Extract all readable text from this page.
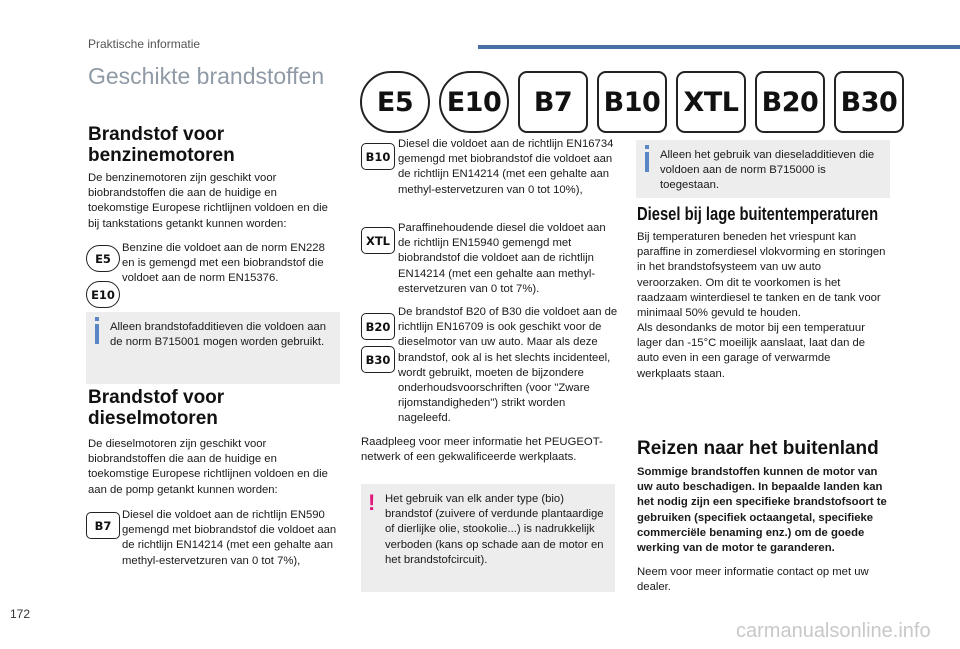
Praktische informatie
Geschikte brandstoffen
E5	E10	B7	B10 XTL B20 B30
Brandstof voor benzinemotoren

De benzinemotoren zijn geschikt voor biobrandstoffen die aan de huidige en toekomstige Europese richtlijnen voldoen en die bij tankstations getankt kunnen worden:

E5
E10

Benzine die voldoet aan de norm EN228 en is gemengd met een biobrandstof die voldoet aan de norm EN15376.

Alleen brandstofadditieven die voldoen aan de norm B715001 mogen worden gebruikt.

Brandstof voor dieselmotoren

De dieselmotoren zijn geschikt voor biobrandstoffen die aan de huidige en toekomstige Europese richtlijnen voldoen en die aan de pomp getankt kunnen worden:

B7

Diesel die voldoet aan de richtlijn EN590 gemengd met biobrandstof die voldoet aan de richtlijn EN14214 (met een gehalte aan methyl-estervetzuren van 0 tot 7%),

B10

Diesel die voldoet aan de richtlijn EN16734 gemengd met biobrandstof die voldoet aan de richtlijn EN14214 (met een gehalte aan methyl-estervetzuren van 0 tot 10%),

XTL

Paraffinehoudende diesel die voldoet aan de richtlijn EN15940 gemengd met biobrandstof die voldoet aan de richtlijn EN14214 (met een gehalte aan methyl-estervetzuren van 0 tot 7%).

B20
B30

De brandstof B20 of B30 die voldoet aan de richtlijn EN16709 is ook geschikt voor de dieselmotor van uw auto. Maar als deze brandstof, ook al is het slechts incidenteel, wordt gebruikt, moeten de bijzondere onderhoudsvoorschriften (voor "Zware rijomstandigheden") strikt worden nageleefd.

Raadpleeg voor meer informatie het PEUGEOT-netwerk of een gekwalificeerde werkplaats.

! Het gebruik van elk ander type (bio) brandstof (zuivere of verdunde plantaardige of dierlijke olie, stookolie...) is nadrukkelijk verboden (kans op schade aan de motor en het brandstofcircuit).

Alleen het gebruik van dieseladditieven die voldoen aan de norm B715000 is toegestaan.

Diesel bij lage buitentemperaturen

Bij temperaturen beneden het vriespunt kan paraffine in zomerdiesel vlokvorming en storingen in het brandstofsysteem van uw auto veroorzaken. Om dit te voorkomen is het raadzaam winterdiesel te tanken en de tank voor minimaal 50% gevuld te houden.

Als desondanks de motor bij een temperatuur lager dan -15°C moeilijk aanslaat, laat dan de auto even in een garage of verwarmde werkplaats staan.

Reizen naar het buitenland

Sommige brandstoffen kunnen de motor van uw auto beschadigen. In bepaalde landen kan het nodig zijn een specifieke brandstofsoort te gebruiken (specifiek octaangetal, specifieke commerciële benaming enz.) om de goede werking van de motor te garanderen.

Neem voor meer informatie contact op met uw dealer.

172
carmanualsonline.info
